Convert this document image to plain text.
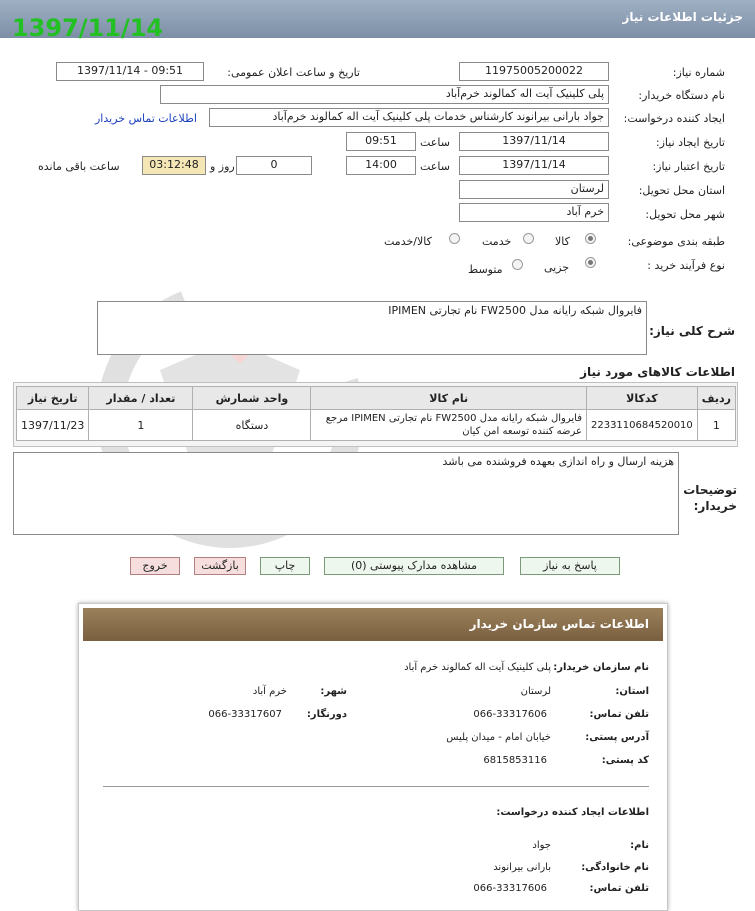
جزئیات اطلاعات نیاز
1397/11/14
شماره نیاز:
1197500520002‎2
تاریخ و ساعت اعلان عمومی:
1397/11/14 - 09:51
نام دستگاه خریدار:
پلی کلینیک آیت اله کمالوند خرم‌آباد
ایجاد کننده درخواست:
جواد بارانی بیرانوند کارشناس خدمات پلی کلینیک آیت اله کمالوند خرم‌آباد
اطلاعات تماس خریدار
تاریخ ایجاد نیاز:
1397/11/14
ساعت
09:51
تاریخ اعتبار نیاز:
1397/11/14
ساعت
14:00
0
روز و
03:12:48
ساعت باقی مانده
استان محل تحویل:
لرستان
شهر محل تحویل:
خرم آباد
طبقه بندی موضوعی:
کالا
خدمت
کالا/خدمت
نوع فرآیند خرید :
جزیی
متوسط
شرح کلی نیاز:
فایروال شبکه رایانه مدل FW2500 نام تجارتی IPIMEN
اطلاعات کالاهای مورد نیاز
ردیف	کدکالا	نام کالا	واحد شمارش	تعداد / مقدار	تاریخ نیاز
1	2233110684520010	فایروال شبکه رایانه مدل FW2500 نام تجارتی IPIMEN مرجع عرضه کننده توسعه امن کیان	دستگاه	1	1397/11/23
توضیحات خریدار:
هزینه ارسال و راه اندازی بعهده فروشنده می باشد
پاسخ به نیاز
مشاهده مدارک پیوستی (0)
چاپ
بازگشت
خروج
اطلاعات تماس سازمان خریدار
نام سازمان خریدار:
پلی کلینیک آیت اله کمالوند خرم آباد
استان:
لرستان
شهر:
خرم آباد
تلفن تماس:
066-33317606
دورنگار:
066-33317607
آدرس پستی:
خیابان امام - میدان پلیس
کد پستی:
6815853116
اطلاعات ایجاد کننده درخواست:
نام:
جواد
نام خانوادگی:
بارانی بیرانوند
تلفن تماس:
066-33317606
